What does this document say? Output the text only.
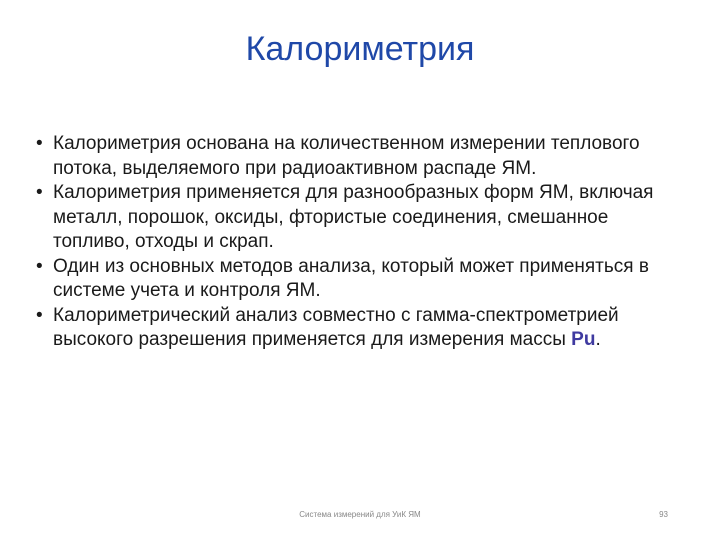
Калориметрия
• Калориметрия основана на количественном измерении теплового потока, выделяемого при радиоактивном распаде ЯМ.
• Калориметрия применяется для разнообразных форм ЯМ, включая металл, порошок, оксиды, фтористые соединения, смешанное топливо, отходы и скрап.
• Один из основных методов анализа, который может применяться в системе учета и контроля ЯМ.
• Калориметрический анализ совместно с гамма-спектрометрией высокого разрешения применяется для измерения массы Pu.
Система измерений для УиК ЯМ	93
